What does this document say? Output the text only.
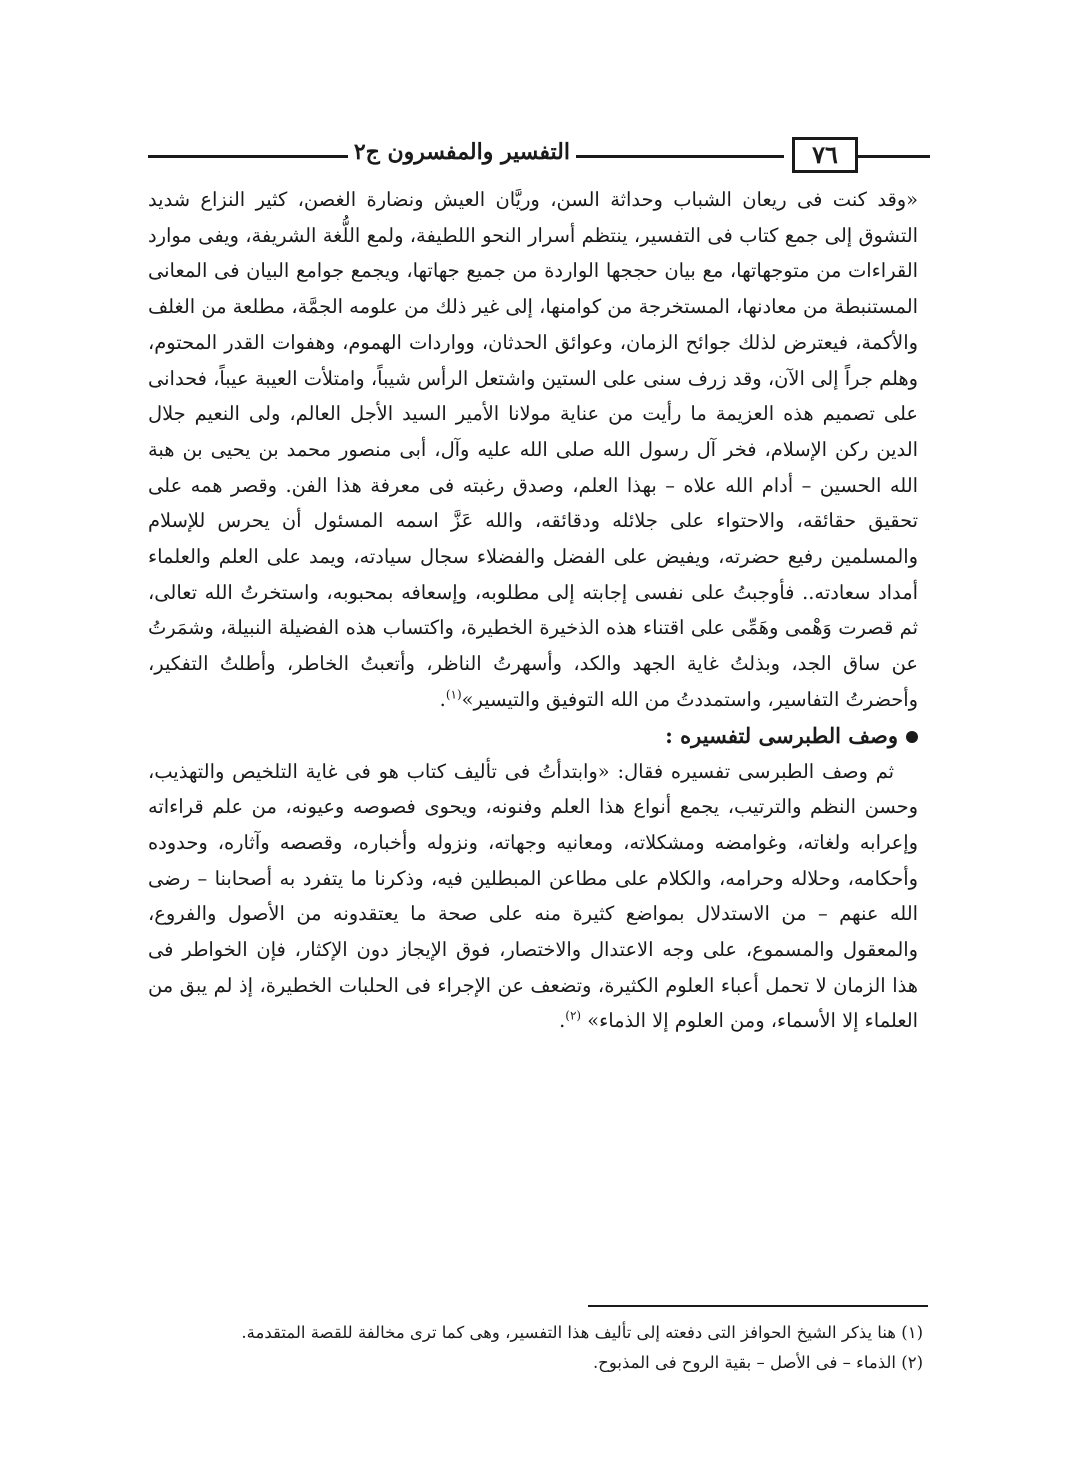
التفسير والمفسرون ج٢	٧٦

«وقد كنت فى ريعان الشباب وحداثة السن، وريَّان العيش ونضارة الغصن، كثير النزاع شديد التشوق إلى جمع كتاب فى التفسير، ينتظم أسرار النحو اللطيفة، ولمع اللُّغة الشريفة، ويفى موارد القراءات من متوجهاتها، مع بيان حججها الواردة من جميع جهاتها، ويجمع جوامع البيان فى المعانى المستنبطة من معادنها، المستخرجة من كوامنها، إلى غير ذلك من علومه الجمَّة، مطلعة من الغلف والأكمة، فيعترض لذلك جوائح الزمان، وعوائق الحدثان، وواردات الهموم، وهفوات القدر المحتوم، وهلم جراً إلى الآن، وقد زرف سنى على الستين واشتعل الرأس شيباً، وامتلأت العيبة عيباً، فحدانى على تصميم هذه العزيمة ما رأيت من عناية مولانا الأمير السيد الأجل العالم، ولى النعيم جلال الدين ركن الإسلام، فخر آل رسول الله صلى الله عليه وآل، أبى منصور محمد بن يحيى بن هبة الله الحسين – أدام الله علاه – بهذا العلم، وصدق رغبته فى معرفة هذا الفن. وقصر همه على تحقيق حقائقه، والاحتواء على جلائله ودقائقه، والله عَزَّ اسمه المسئول أن يحرس للإسلام والمسلمين رفيع حضرته، ويفيض على الفضل والفضلاء سجال سيادته، ويمد على العلم والعلماء أمداد سعادته.. فأوجبتُ على نفسى إجابته إلى مطلوبه، وإسعافه بمحبوبه، واستخرتُ الله تعالى، ثم قصرت وَهْمى وهَمِّى على اقتناء هذه الذخيرة الخطيرة، واكتساب هذه الفضيلة النبيلة، وشمَرتُ عن ساق الجد، وبذلتُ غاية الجهد والكد، وأسهرتُ الناظر، وأتعبتُ الخاطر، وأطلتُ التفكير، وأحضرتُ التفاسير، واستمددتُ من الله التوفيق والتيسير»$^{(١)}$.

وصف الطبرسى لتفسيره :

ثم وصف الطبرسى تفسيره فقال: «وابتدأتُ فى تأليف كتاب هو فى غاية التلخيص والتهذيب، وحسن النظم والترتيب، يجمع أنواع هذا العلم وفنونه، ويحوى فصوصه وعيونه، من علم قراءاته وإعرابه ولغاته، وغوامضه ومشكلاته، ومعانيه وجهاته، ونزوله وأخباره، وقصصه وآثاره، وحدوده وأحكامه، وحلاله وحرامه، والكلام على مطاعن المبطلين فيه، وذكرنا ما يتفرد به أصحابنا – رضى الله عنهم – من الاستدلال بمواضع كثيرة منه على صحة ما يعتقدونه من الأصول والفروع، والمعقول والمسموع، على وجه الاعتدال والاختصار، فوق الإيجاز دون الإكثار، فإن الخواطر فى هذا الزمان لا تحمل أعباء العلوم الكثيرة، وتضعف عن الإجراء فى الحلبات الخطيرة، إذ لم يبق من العلماء إلا الأسماء، ومن العلوم إلا الذماء» $^{(٢)}$.

(١) هنا يذكر الشيخ الحوافز التى دفعته إلى تأليف هذا التفسير، وهى كما ترى مخالفة للقصة المتقدمة.

(٢) الذماء – فى الأصل – بقية الروح فى المذبوح.
